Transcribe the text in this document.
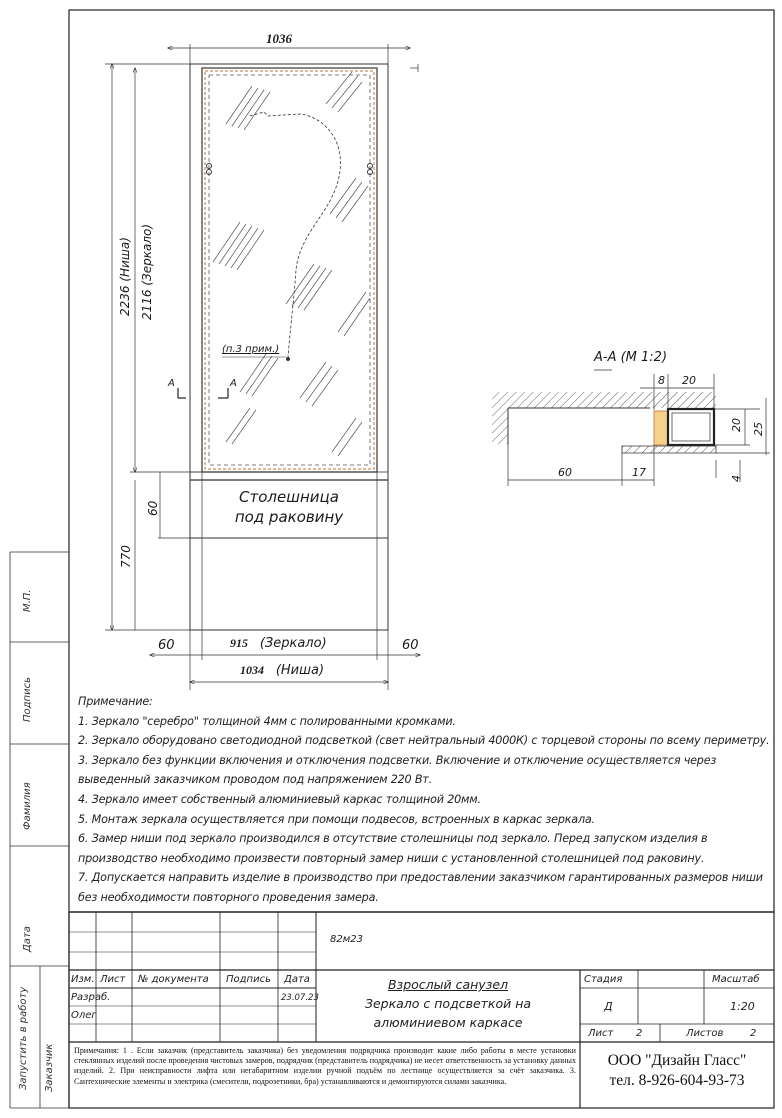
1036
2236 (Ниша) 2116 (Зеркало)
60
770
(п.3 прим.)
A	A
Столешница
под раковину
60	60
915 (Зеркало)
1034 (Ниша)
А-А (М 1:2)
8 20
20 25
60	17	4
Примечание:
1. Зеркало "серебро" толщиной 4мм с полированными кромками.
2. Зеркало оборудовано светодиодной подсветкой (свет нейтральный 4000К) с торцевой стороны по всему периметру.
3. Зеркало без функции включения и отключения подсветки. Включение и отключение осуществляется через выведенный заказчиком проводом под напряжением 220 Вт.
4. Зеркало имеет собственный алюминиевый каркас толщиной 20мм.
5. Монтаж зеркала осуществляется при помощи подвесов, встроенных в каркас зеркала.
6. Замер ниши под зеркало производился в отсутствие столешницы под зеркало. Перед запуском изделия в производство необходимо произвести повторный замер ниши с установленной столешницей под раковину.
7. Допускается направить изделие в производство при предоставлении заказчиком гарантированных размеров ниши без необходимости повторного проведения замера.
М.П.
Подпись
Фамилия
Дата
Запустить в работу Заказчик
82м23
Изм. Лист № документа Подпись Дата
Разраб.	23.07.23
Олег
Взрослый санузел
Зеркало с подсветкой на
алюминиевом каркасе
Стадия	Масштаб
Д	1:20
Лист 2	Листов	2
ООО "Дизайн Гласс"
тел. 8-926-604-93-73
Примечания: 1 . Если заказчик (представитель заказчика) без уведомления подрядчика производит какие либо работы в месте установки стеклянных изделий после проведения чистовых замеров, подрядчик (представитель подрядчика) не несет ответственность за установку данных изделий. 2. При неисправности лифта или негабаритном изделии ручной подъём по лестнице осуществляется за счёт заказчика. 3. Сантехнические элементы и электрика (смесители, подрозетники, бра) устанавливаются и демонтируются силами заказчика.
